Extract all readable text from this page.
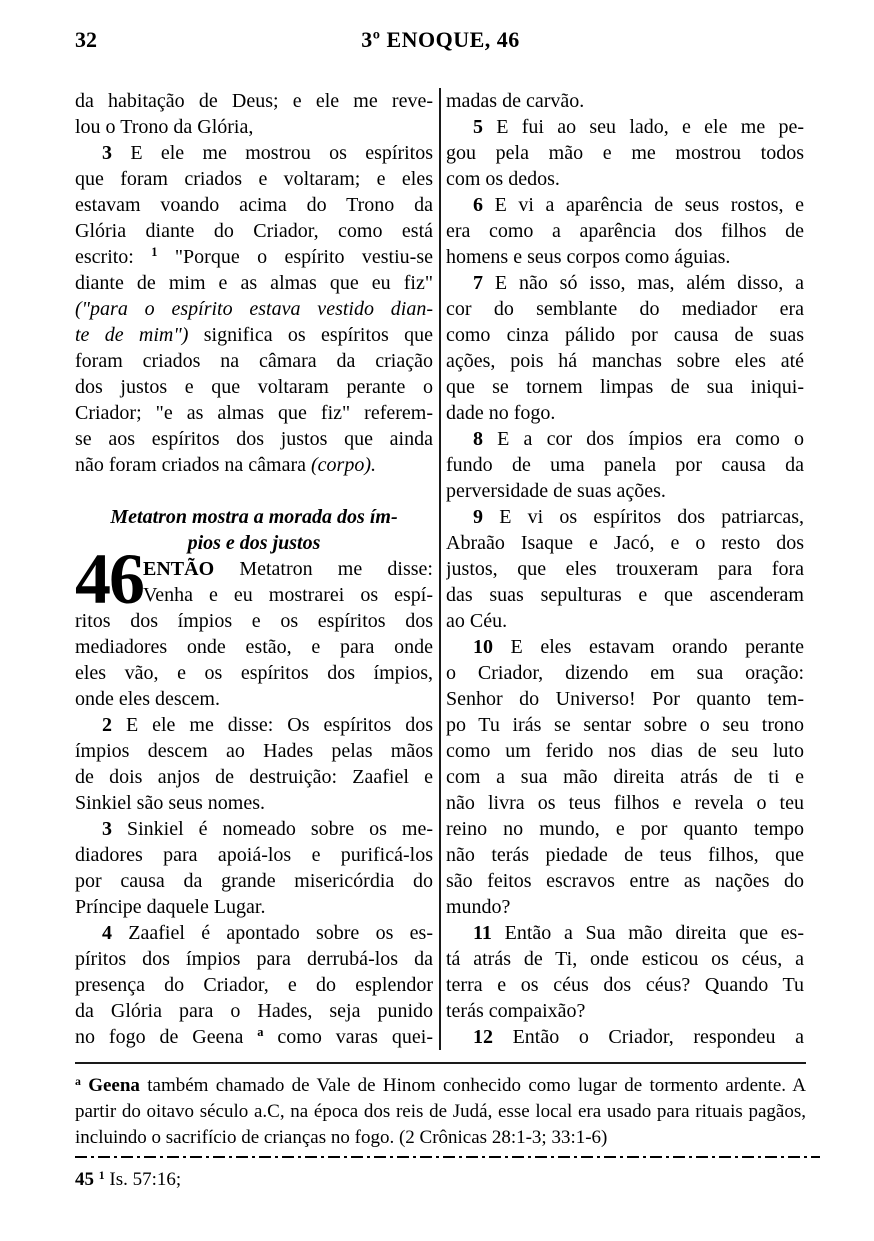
32	3º ENOQUE, 46
46
da habitação de Deus; e ele me reve-
lou o Trono da Glória,
3 E ele me mostrou os espíritos
que foram criados e voltaram; e eles
estavam voando acima do Trono da
Glória diante do Criador, como está
escrito: $^1$ "Porque o espírito vestiu-se
diante de mim e as almas que eu fiz"
("para o espírito estava vestido dian-
te de mim") significa os espíritos que
foram criados na câmara da criação
dos justos e que voltaram perante o
Criador; "e as almas que fiz" referem-
se aos espíritos dos justos que ainda
não foram criados na câmara (corpo).

Metatron mostra a morada dos ím-
pios e dos justos
ENTÃO Metatron me disse:
Venha e eu mostrarei os espí-
ritos dos ímpios e os espíritos dos
mediadores onde estão, e para onde
eles vão, e os espíritos dos ímpios,
onde eles descem.
2 E ele me disse: Os espíritos dos
ímpios descem ao Hades pelas mãos
de dois anjos de destruição: Zaafiel e
Sinkiel são seus nomes.
3 Sinkiel é nomeado sobre os me-
diadores para apoiá-los e purificá-los
por causa da grande misericórdia do
Príncipe daquele Lugar.
4 Zaafiel é apontado sobre os es-
píritos dos ímpios para derrubá-los da
presença do Criador, e do esplendor
da Glória para o Hades, seja punido
no fogo de Geena $^a$ como varas quei-
madas de carvão.
5 E fui ao seu lado, e ele me pe-
gou pela mão e me mostrou todos
com os dedos.
6 E vi a aparência de seus rostos, e
era como a aparência dos filhos de
homens e seus corpos como águias.
7 E não só isso, mas, além disso, a
cor do semblante do mediador era
como cinza pálido por causa de suas
ações, pois há manchas sobre eles até
que se tornem limpas de sua iniqui-
dade no fogo.
8 E a cor dos ímpios era como o
fundo de uma panela por causa da
perversidade de suas ações.
9 E vi os espíritos dos patriarcas,
Abraão Isaque e Jacó, e o resto dos
justos, que eles trouxeram para fora
das suas sepulturas e que ascenderam
ao Céu.
10 E eles estavam orando perante
o Criador, dizendo em sua oração:
Senhor do Universo! Por quanto tem-
po Tu irás se sentar sobre o seu trono
como um ferido nos dias de seu luto
com a sua mão direita atrás de ti e
não livra os teus filhos e revela o teu
reino no mundo, e por quanto tempo
não terás piedade de teus filhos, que
são feitos escravos entre as nações do
mundo?
11 Então a Sua mão direita que es-
tá atrás de Ti, onde esticou os céus, a
terra e os céus dos céus? Quando Tu
terás compaixão?
12 Então o Criador, respondeu a
$^a$ Geena também chamado de Vale de Hinom conhecido como lugar de tormento ardente. A partir do oitavo século a.C, na época dos reis de Judá, esse local era usado para rituais pagãos, incluindo o sacrifício de crianças no fogo. (2 Crônicas 28:1-3; 33:1-6)
45 $^1$ Is. 57:16;
